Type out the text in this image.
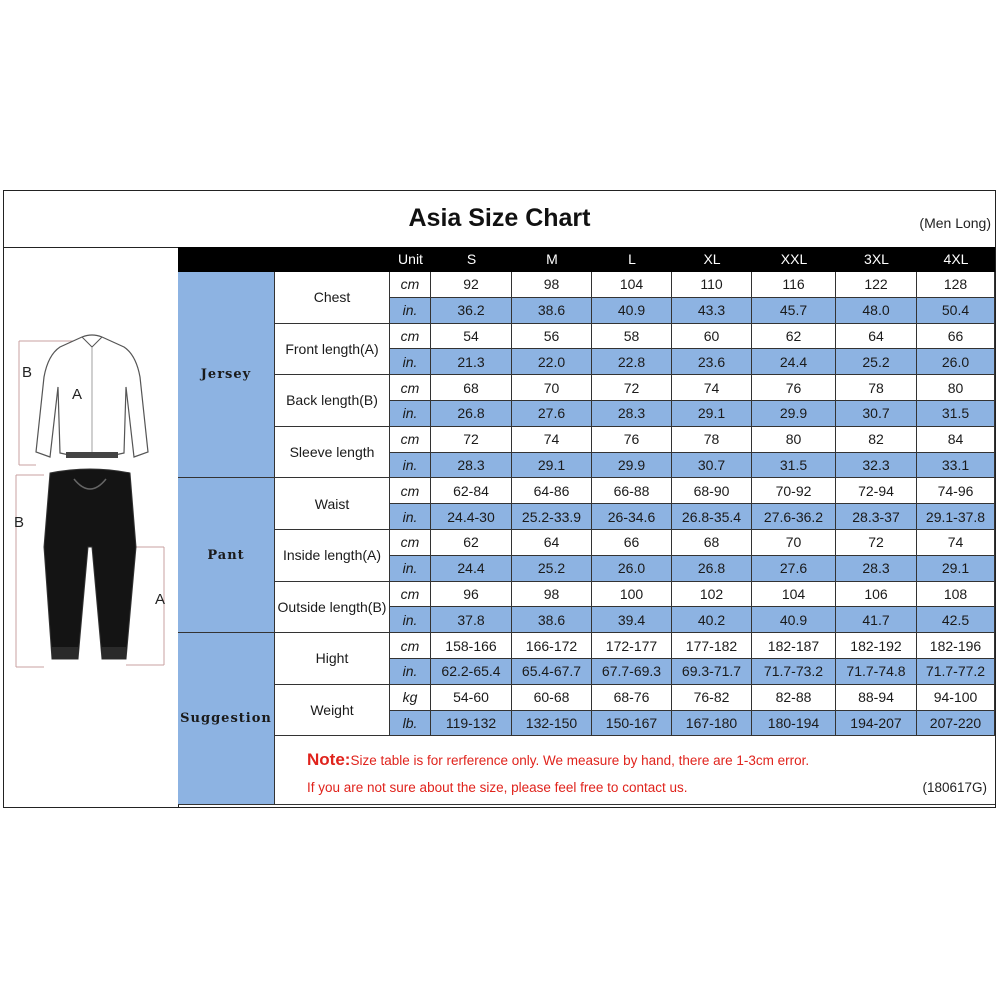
Asia Size Chart	(Men Long)
B
A
B
A
Unit	S	M	L	XL	XXL	3XL	4XL
Jersey
Chest
cm	92	98	104	110	116	122	128
in.	36.2	38.6	40.9	43.3	45.7	48.0	50.4
Front length(A)
cm	54	56	58	60	62	64	66
in.	21.3	22.0	22.8	23.6	24.4	25.2	26.0
Back length(B)
cm	68	70	72	74	76	78	80
in.	26.8	27.6	28.3	29.1	29.9	30.7	31.5
Sleeve length
cm	72	74	76	78	80	82	84
in.	28.3	29.1	29.9	30.7	31.5	32.3	33.1
Pant
Waist
cm	62-84	64-86	66-88	68-90	70-92	72-94	74-96
in.	24.4-30	25.2-33.9	26-34.6	26.8-35.4	27.6-36.2	28.3-37	29.1-37.8
Inside length(A)
cm	62	64	66	68	70	72	74
in.	24.4	25.2	26.0	26.8	27.6	28.3	29.1
Outside length(B)
cm	96	98	100	102	104	106	108
in.	37.8	38.6	39.4	40.2	40.9	41.7	42.5
Suggestion
Hight
cm	158-166	166-172	172-177	177-182	182-187	182-192	182-196
in.	62.2-65.4	65.4-67.7	67.7-69.3	69.3-71.7	71.7-73.2	71.7-74.8	71.7-77.2
Weight
kg	54-60	60-68	68-76	76-82	82-88	88-94	94-100
lb.	119-132	132-150	150-167	167-180	180-194	194-207	207-220
Note:Size table is for rerference only. We measure by hand, there are 1-3cm error.
If you are not sure about the size, please feel free to contact us.	(180617G)
